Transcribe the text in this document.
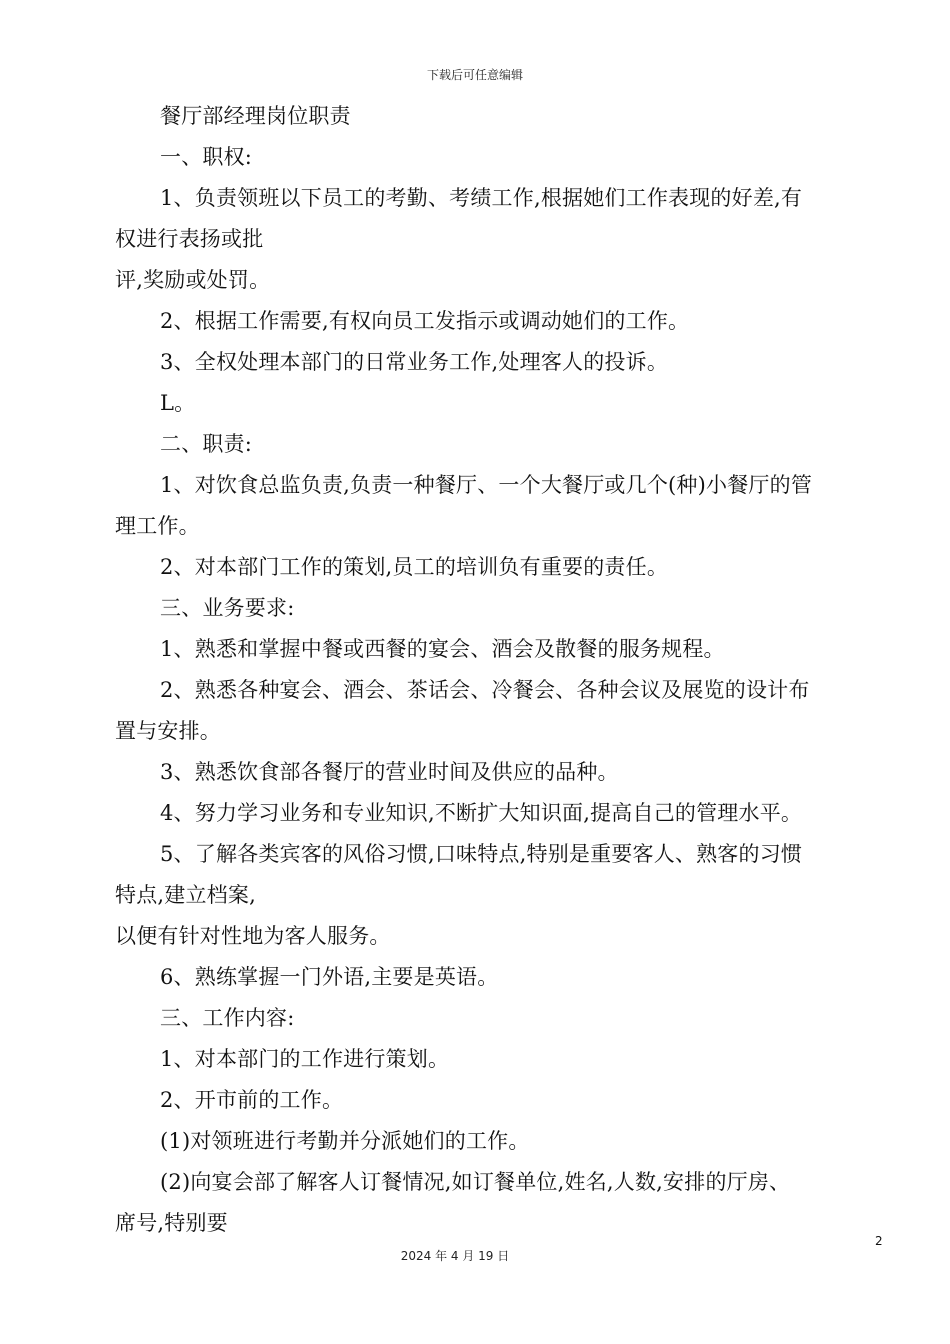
下载后可任意编辑
餐厅部经理岗位职责
一、职权:
1、负责领班以下员工的考勤、考绩工作,根据她们工作表现的好差,有
权进行表扬或批
评,奖励或处罚。
2、根据工作需要,有权向员工发指示或调动她们的工作。
3、全权处理本部门的日常业务工作,处理客人的投诉。
L。
二、职责:
1、对饮食总监负责,负责一种餐厅、一个大餐厅或几个(种)小餐厅的管
理工作。
2、对本部门工作的策划,员工的培训负有重要的责任。
三、业务要求:
1、熟悉和掌握中餐或西餐的宴会、酒会及散餐的服务规程。
2、熟悉各种宴会、酒会、茶话会、冷餐会、各种会议及展览的设计布
置与安排。
3、熟悉饮食部各餐厅的营业时间及供应的品种。
4、努力学习业务和专业知识,不断扩大知识面,提高自己的管理水平。
5、了解各类宾客的风俗习惯,口味特点,特别是重要客人、熟客的习惯
特点,建立档案,
以便有针对性地为客人服务。
6、熟练掌握一门外语,主要是英语。
三、工作内容:
1、对本部门的工作进行策划。
2、开市前的工作。
(1)对领班进行考勤并分派她们的工作。
(2)向宴会部了解客人订餐情况,如订餐单位,姓名,人数,安排的厅房、
席号,特别要
2
2024 年 4 月 19 日
